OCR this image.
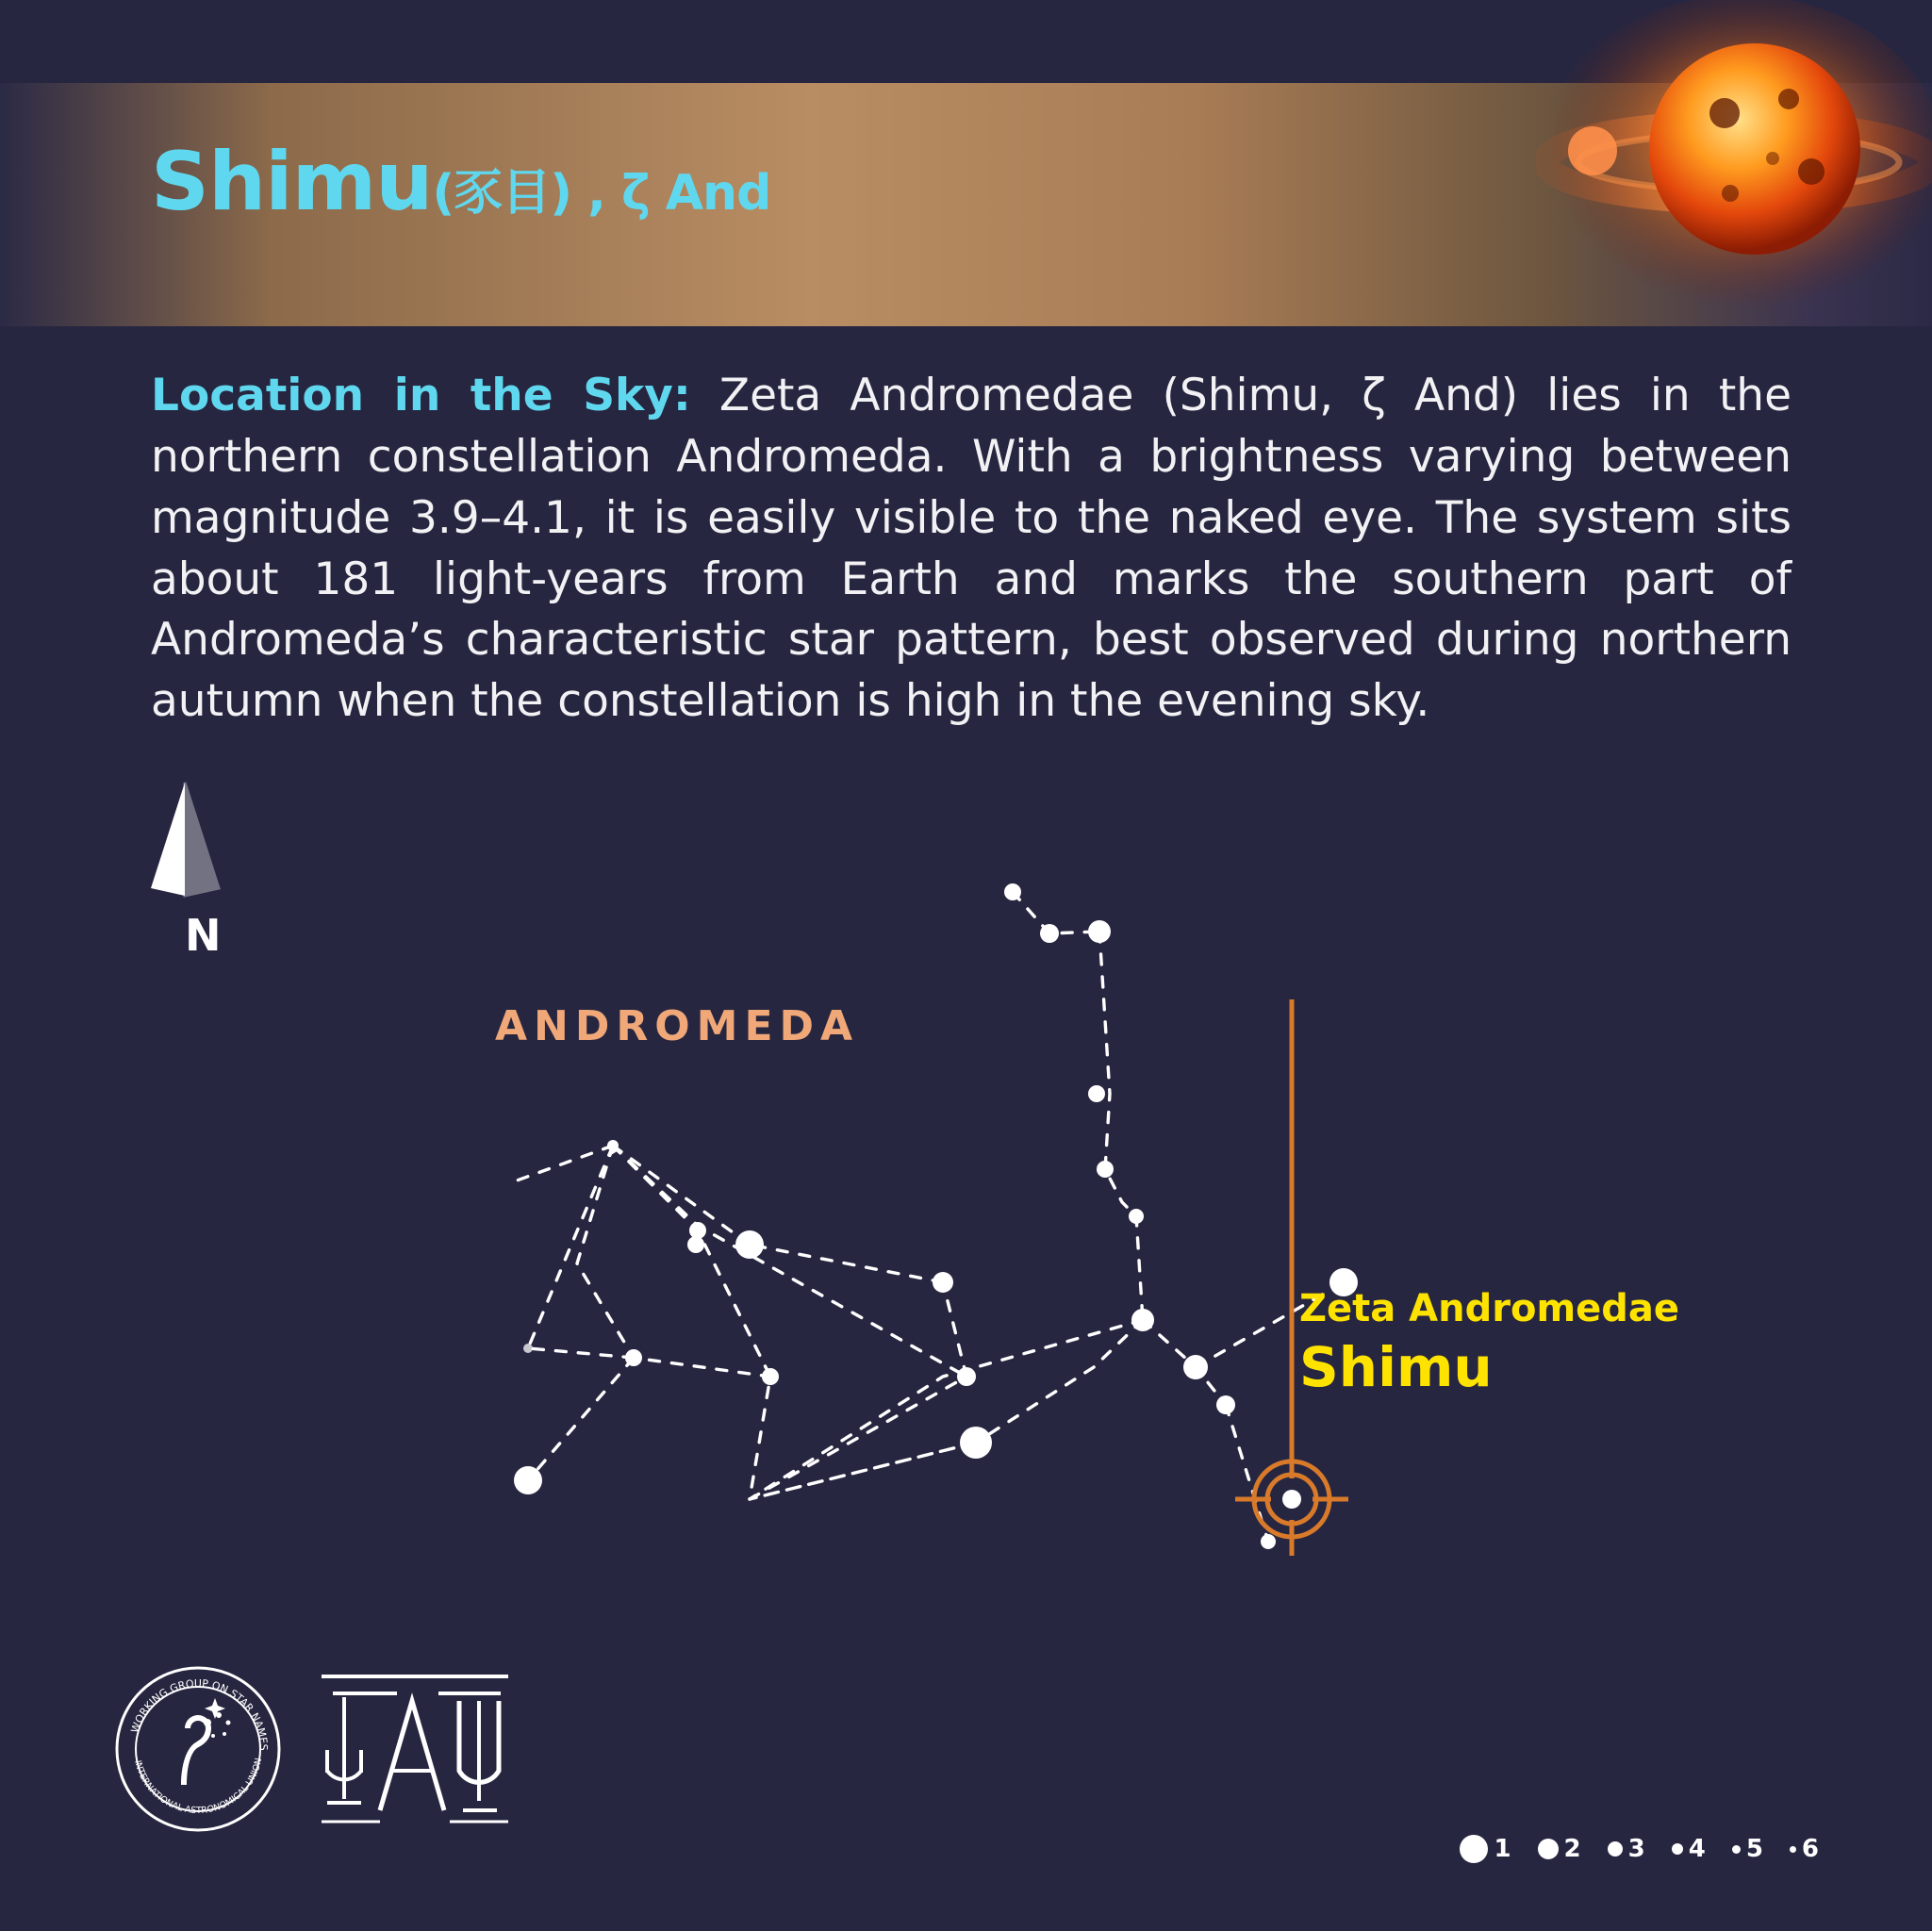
Shimu(豕目) , ζ And
Location in the Sky: Zeta Andromedae (Shimu, ζ And) lies in the northern constellation Andromeda. With a brightness varying between magnitude 3.9–4.1, it is easily visible to the naked eye. The system sits about 181 light-years from Earth and marks the southern part of Andromeda’s characteristic star pattern, best observed during northern autumn when the constellation is high in the evening sky.
N
ANDROMEDA
Zeta Andromedae
Shimu
WORKING GROUP ON STAR NAMES
INTERNATIONAL ASTRONOMICAL UNION
1 2 3 4 5 6
